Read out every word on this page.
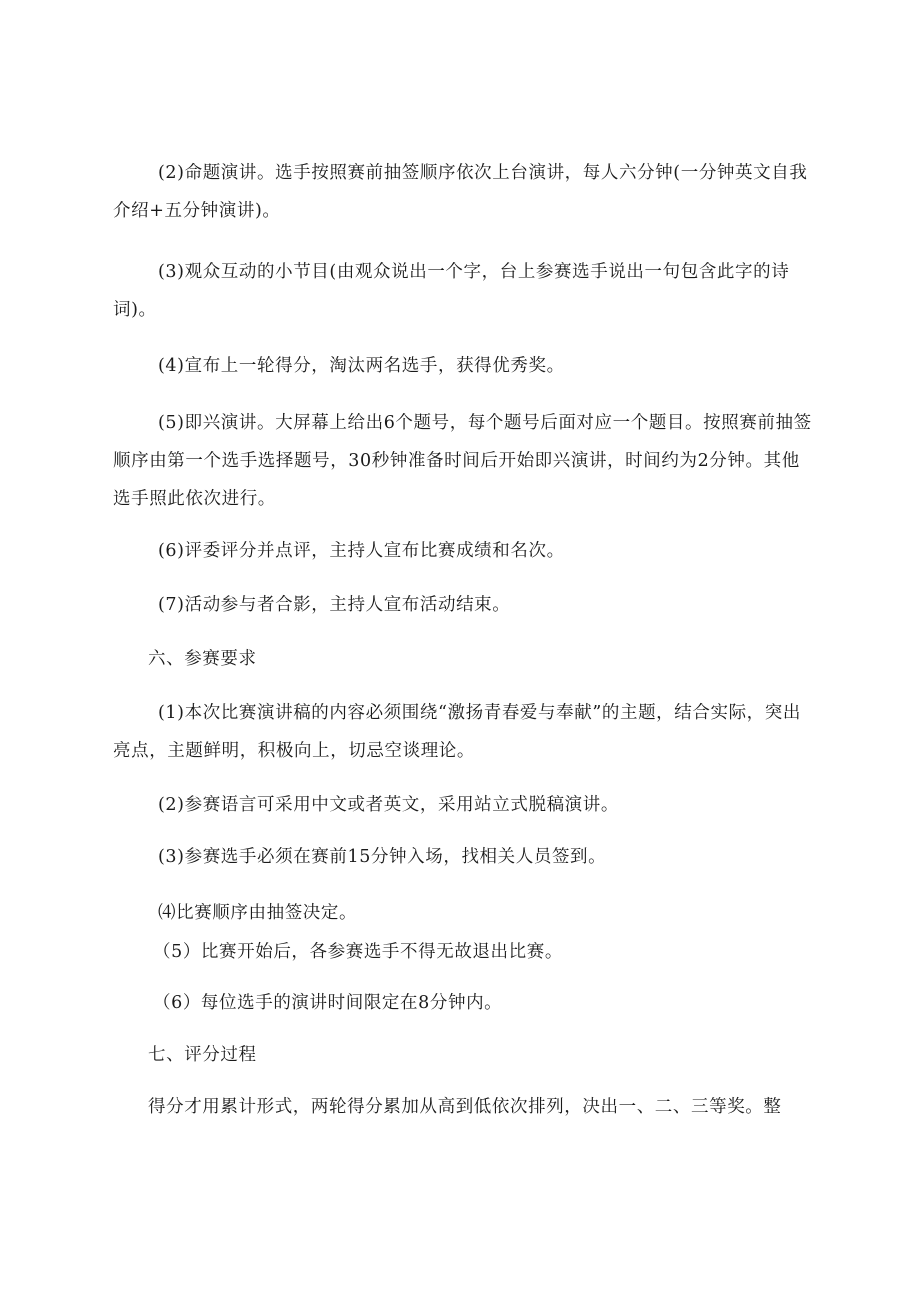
(2)命题演讲。选手按照赛前抽签顺序依次上台演讲，每人六分钟(一分钟英文自我介绍+五分钟演讲)。
(3)观众互动的小节目(由观众说出一个字，台上参赛选手说出一句包含此字的诗词)。
(4)宣布上一轮得分，淘汰两名选手，获得优秀奖。
(5)即兴演讲。大屏幕上给出6个题号，每个题号后面对应一个题目。按照赛前抽签顺序由第一个选手选择题号，30秒钟准备时间后开始即兴演讲，时间约为2分钟。其他选手照此依次进行。
(6)评委评分并点评，主持人宣布比赛成绩和名次。
(7)活动参与者合影，主持人宣布活动结束。
六、参赛要求
(1)本次比赛演讲稿的内容必须围绕“激扬青春爱与奉献”的主题，结合实际，突出亮点，主题鲜明，积极向上，切忌空谈理论。
(2)参赛语言可采用中文或者英文，采用站立式脱稿演讲。
(3)参赛选手必须在赛前15分钟入场，找相关人员签到。
⑷比赛顺序由抽签决定。
（5）比赛开始后，各参赛选手不得无故退出比赛。
（6）每位选手的演讲时间限定在8分钟内。
七、评分过程
得分才用累计形式，两轮得分累加从高到低依次排列，决出一、二、三等奖。整
